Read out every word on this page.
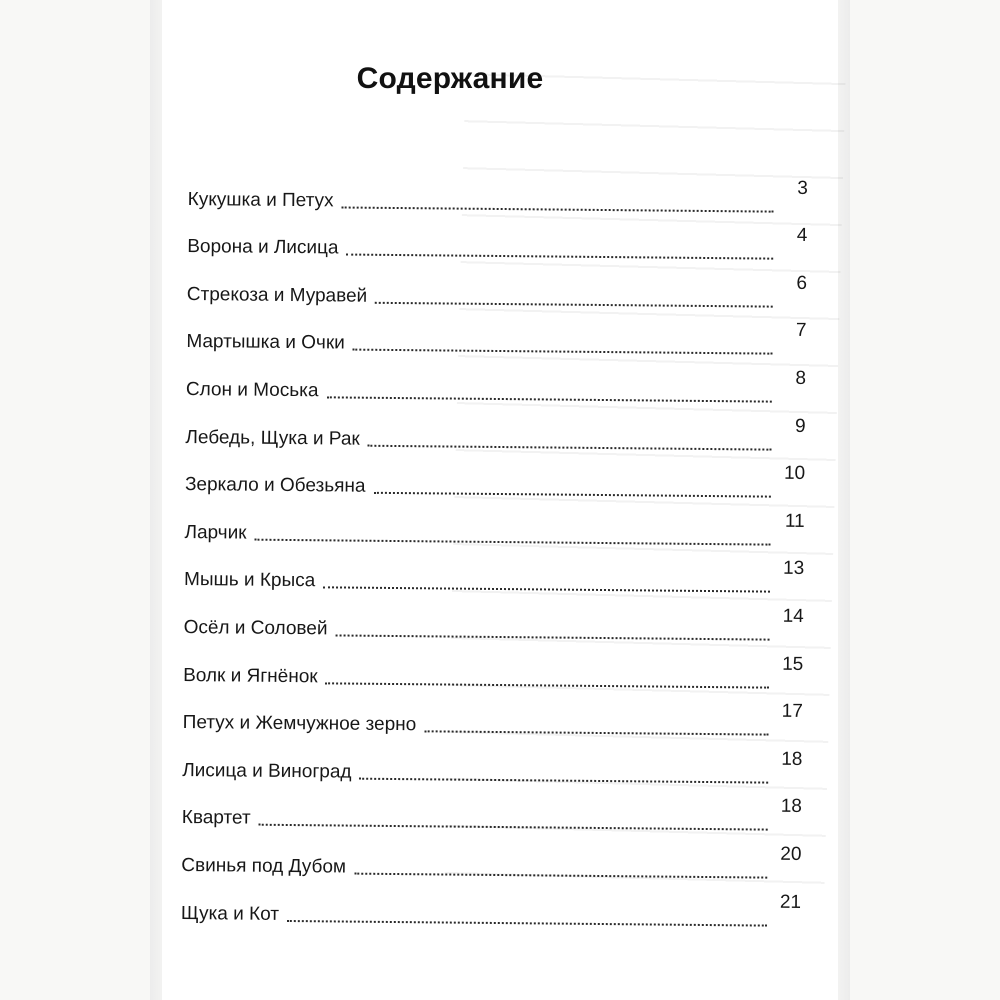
Содержание
Кукушка и Петух
3
Ворона и Лисица
4
Стрекоза и Муравей
6
Мартышка и Очки
7
Слон и Моська
8
Лебедь, Щука и Рак
9
Зеркало и Обезьяна
10
Ларчик
11
Мышь и Крыса
13
Осёл и Соловей
14
Волк и Ягнёнок
15
Петух и Жемчужное зерно
17
Лисица и Виноград
18
Квартет
18
Свинья под Дубом
20
Щука и Кот
21
